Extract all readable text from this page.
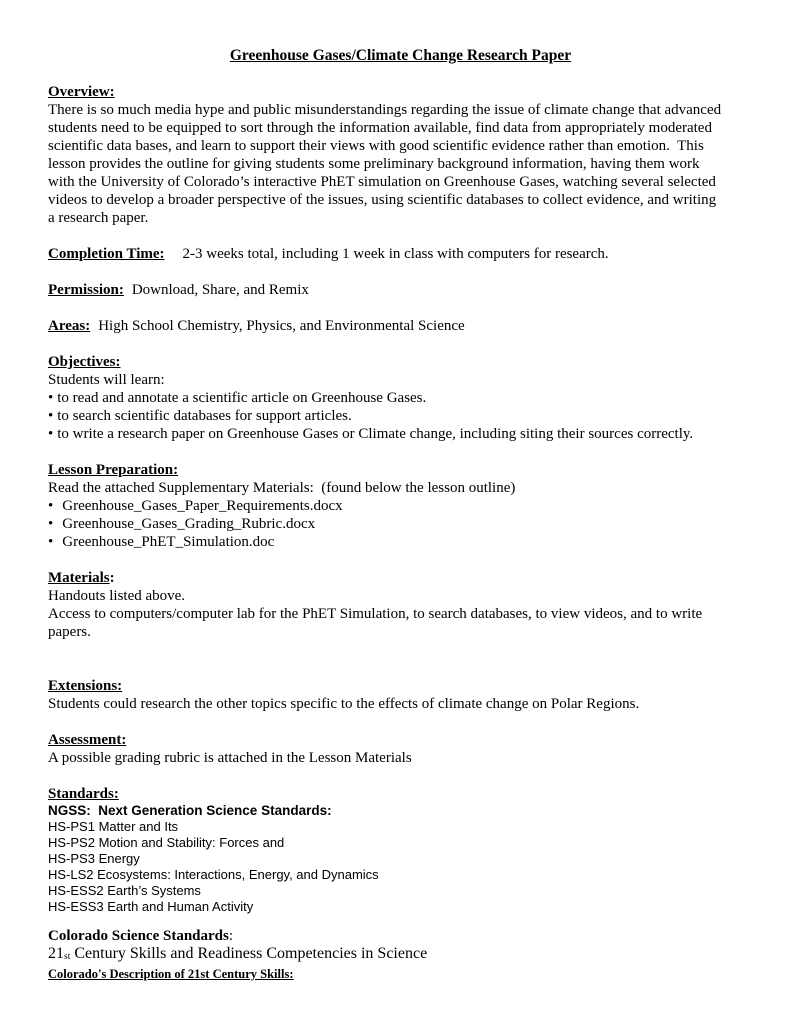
Greenhouse Gases/Climate Change Research Paper
Overview:
There is so much media hype and public misunderstandings regarding the issue of climate change that advanced
students need to be equipped to sort through the information available, find data from appropriately moderated
scientific data bases, and learn to support their views with good scientific evidence rather than emotion.  This
lesson provides the outline for giving students some preliminary background information, having them work
with the University of Colorado’s interactive PhET simulation on Greenhouse Gases, watching several selected
videos to develop a broader perspective of the issues, using scientific databases to collect evidence, and writing
a research paper.
Completion Time: 2-3 weeks total, including 1 week in class with computers for research.
Permission: Download, Share, and Remix
Areas: High School Chemistry, Physics, and Environmental Science
Objectives:
Students will learn:
• to read and annotate a scientific article on Greenhouse Gases.
• to search scientific databases for support articles.
• to write a research paper on Greenhouse Gases or Climate change, including siting their sources correctly.
Lesson Preparation:
Read the attached Supplementary Materials:  (found below the lesson outline)
• Greenhouse_Gases_Paper_Requirements.docx
• Greenhouse_Gases_Grading_Rubric.docx
• Greenhouse_PhET_Simulation.doc
Materials:
Handouts listed above.
Access to computers/computer lab for the PhET Simulation, to search databases, to view videos, and to write
papers.
Extensions:
Students could research the other topics specific to the effects of climate change on Polar Regions.
Assessment:
A possible grading rubric is attached in the Lesson Materials
Standards:
NGSS:  Next Generation Science Standards:
HS-PS1 Matter and Its
HS-PS2 Motion and Stability: Forces and
HS-PS3 Energy
HS-LS2 Ecosystems: Interactions, Energy, and Dynamics
HS-ESS2 Earth’s Systems
HS-ESS3 Earth and Human Activity
Colorado Science Standards:
21st Century Skills and Readiness Competencies in Science
Colorado's Description of 21st Century Skills:
